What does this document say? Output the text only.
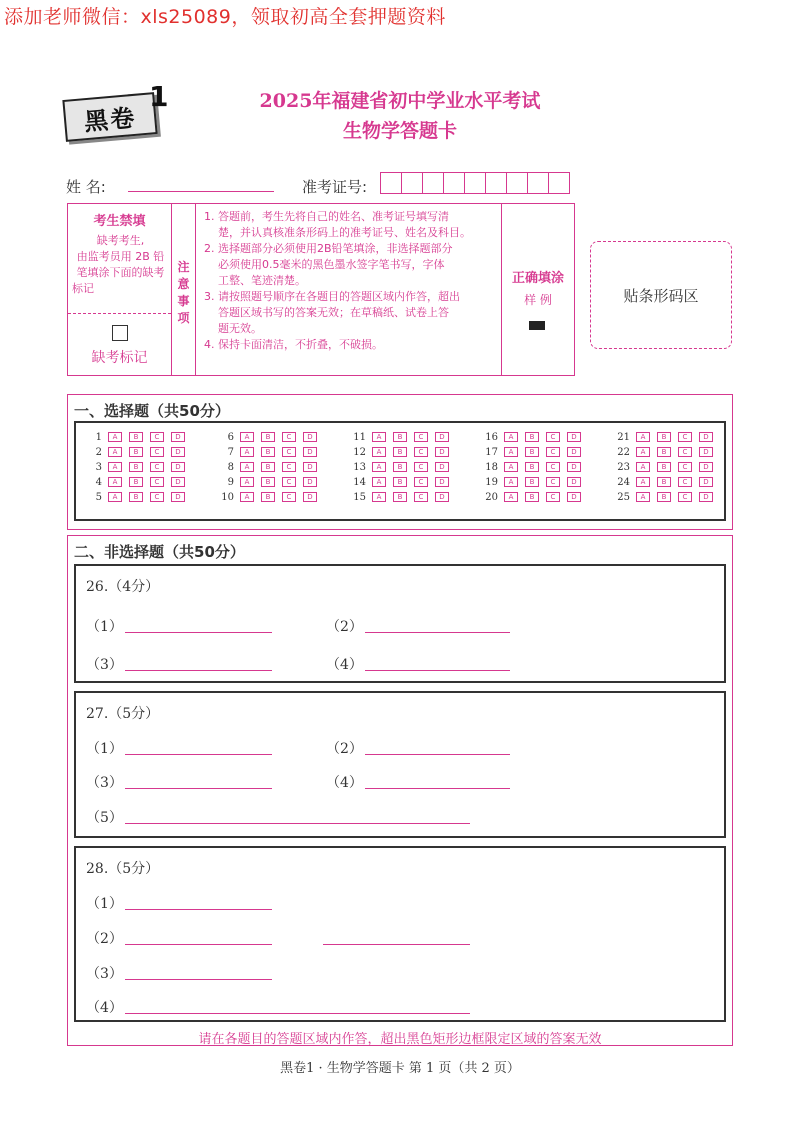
添加老师微信：xls25089，领取初高全套押题资料
黑卷
1	2025年福建省初中学业水平考试
生物学答题卡
姓 名:	准考证号:
考生禁填
缺考考生,
由监考员用 2B 铅
笔填涂下面的缺考
标记
缺考标记
注
意
事
项
1. 答题前，考生先将自己的姓名、准考证号填写清
楚，并认真核准条形码上的准考证号、姓名及科目。
2. 选择题部分必须使用2B铅笔填涂，非选择题部分
必须使用0.5毫米的黑色墨水签字笔书写，字体
工整、笔迹清楚。
3. 请按照题号顺序在各题目的答题区域内作答，超出
答题区域书写的答案无效；在草稿纸、试卷上答
题无效。
4. 保持卡面清洁，不折叠，不破损。
正确填涂
样 例	贴条形码区
一、选择题（共50分）
1	A	B	C	D
2	A	B	C	D
3	A	B	C	D
4	A	B	C	D
5	A	B	C	D
6	A	B	C	D
7	A	B	C	D
8	A	B	C	D
9	A	B	C	D
10	A	B	C	D
11	A	B	C	D
12	A	B	C	D
13	A	B	C	D
14	A	B	C	D
15	A	B	C	D
16	A	B	C	D
17	A	B	C	D
18	A	B	C	D
19	A	B	C	D
20	A	B	C	D
21	A	B	C	D
22	A	B	C	D
23	A	B	C	D
24	A	B	C	D
25	A	B	C	D
二、非选择题（共50分）
26.（4分）
（1）	（2）
（3）	（4）
27.（5分）
（1）	（2）
（3）	（4）
（5）
28.（5分）
（1）
（2）
（3）
（4）
请在各题目的答题区域内作答，超出黑色矩形边框限定区域的答案无效
黑卷1 · 生物学答题卡 第 1 页（共 2 页）
